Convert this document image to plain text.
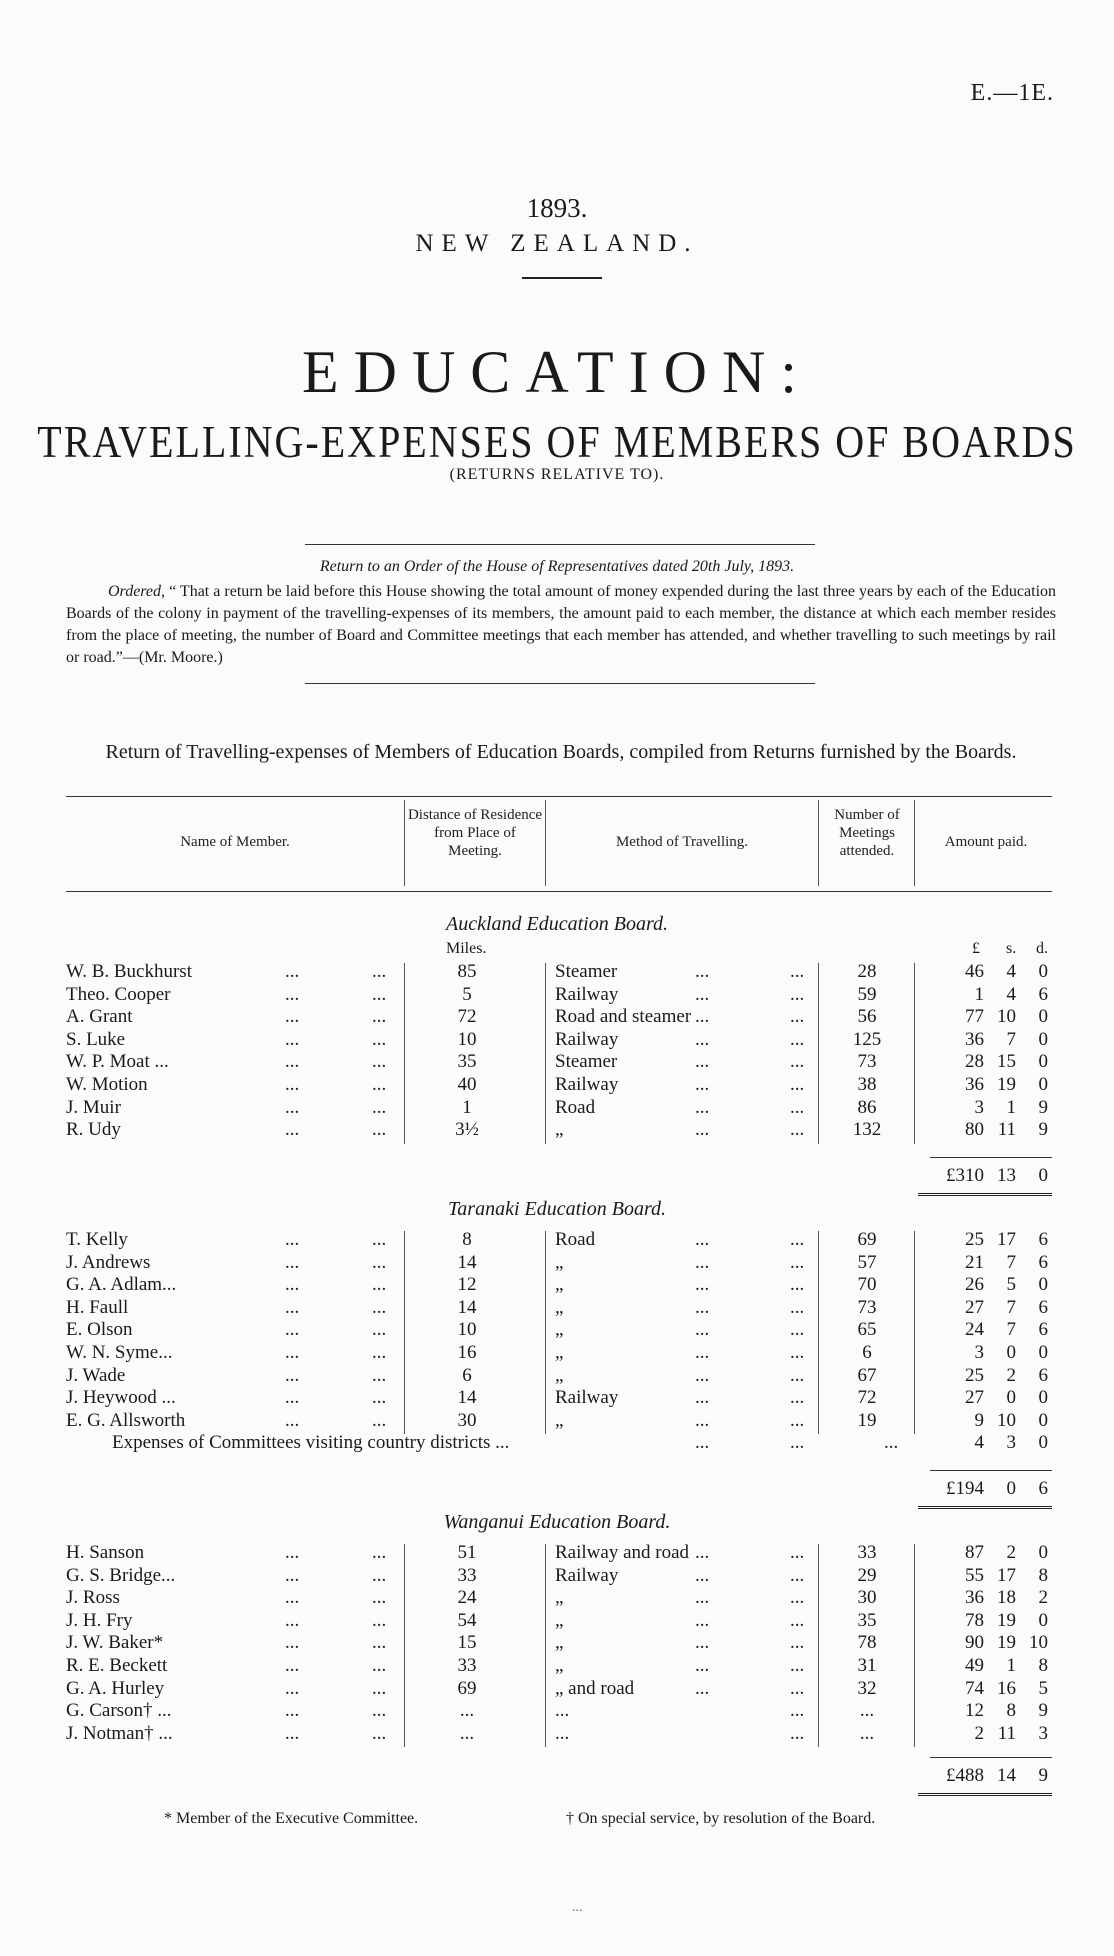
E.—1E.
1893.
NEW ZEALAND.
EDUCATION:
TRAVELLING-EXPENSES OF MEMBERS OF BOARDS
(RETURNS RELATIVE TO).
Return to an Order of the House of Representatives dated 20th July, 1893.
Ordered, “ That a return be laid before this House showing the total amount of money expended during the last three years by each of the Education Boards of the colony in payment of the travelling-expenses of its members, the amount paid to each member, the distance at which each member resides from the place of meeting, the number of Board and Committee meetings that each member has attended, and whether travelling to such meetings by rail or road.”—(Mr. Moore.)
Return of Travelling-expenses of Members of Education Boards, compiled from Returns furnished by the Boards.
Name of Member.
Distance of Residence from Place of Meeting.
Method of Travelling.
Number of Meetings attended.
Amount paid.
Auckland Education Board.
Miles.	£ s. d.
W. B. Buckhurst	...	...	85	Steamer	...	...	28	46	4	0
Theo. Cooper	...	...	5	Railway	...	...	59	1	4	6
A. Grant	...	...	72	Road and steamer ...	...	56	77 10	0
S. Luke	...	...	10	Railway	...	...	125	36	7	0
W. P. Moat ...	...	...	35	Steamer	...	...	73	28 15	0
W. Motion	...	...	40	Railway	...	...	38	36 19	0
J. Muir	...	...	1	Road	...	...	86	3	1	9
R. Udy	...	...	3½	„	...	...	132	80 11	9
£310 13	0
Taranaki Education Board.
T. Kelly	...	...	8	Road	...	...	69	25 17	6
J. Andrews	...	...	14	„	...	...	57	21	7	6
G. A. Adlam...	...	...	12	„	...	...	70	26	5	0
H. Faull	...	...	14	„	...	...	73	27	7	6
E. Olson	...	...	10	„	...	...	65	24	7	6
W. N. Syme...	...	...	16	„	...	...	6	3	0	0
J. Wade	...	...	6	„	...	...	67	25	2	6
J. Heywood ...	...	...	14	Railway	...	...	72	27	0	0
E. G. Allsworth	...	...	30	„	...	...	19	9 10	0
Expenses of Committees visiting country districts ...	...	...	...	4	3	0
£194	0	6
Wanganui Education Board.
H. Sanson	...	...	51	Railway and road ...	...	33	87	2	0
G. S. Bridge...	...	...	33	Railway	...	...	29	55 17	8
J. Ross	...	...	24	„	...	...	30	36 18	2
J. H. Fry	...	...	54	„	...	...	35	78 19	0
J. W. Baker*	...	...	15	„	...	...	78	90 19 10
R. E. Beckett	...	...	33	„	...	...	31	49	1	8
G. A. Hurley	...	...	69	„ and road	...	...	32	74 16	5
G. Carson† ...	...	...	...	...	...	...	12	8	9
J. Notman† ...	...	...	...	...	...	...	2 11	3
£488 14	9
* Member of the Executive Committee.	† On special service, by resolution of the Board.
...
